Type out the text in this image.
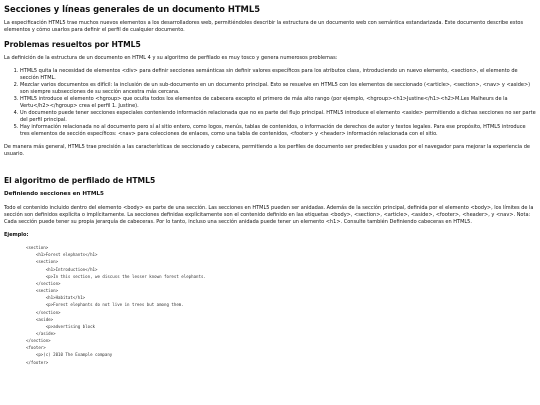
Secciones y líneas generales de un documento HTML5

La especificación HTML5 trae muchos nuevos elementos a los desarrolladores web, permitiéndoles describir la estructura de un documento web con semántica estandarizada. Este documento describe estos elementos y cómo usarlos para definir el perfil de cualquier documento.

Problemas resueltos por HTML5

La definición de la estructura de un documento en HTML 4 y su algoritmo de perfilado es muy tosco y genera numerosos problemas:

1. HTML5 quita la necesidad de elementos <div> para definir secciones semánticas sin definir valores específicos para los atributos class, introduciendo un nuevo elemento, <section>, el elemento de sección HTML.
2. Mezclar varios documentos es difícil: la inclusión de un sub-documento en un documento principal. Esto se resuelve en HTML5 con los elementos de seccionado (<article>, <section>, <nav> y <aside>) son siempre subsecciones de su sección ancestra más cercana.
3. HTML5 introduce el elemento <hgroup> que oculta todos los elementos de cabecera excepto el primero de más alto rango (por ejemplo, <hgroup><h1>Justine</h1><h2>M.Les Malheurs de la Vertu</h2></hgroup> crea el perfil 1. Justine).
4. Un documento puede tener secciones especiales conteniendo información relacionada que no es parte del flujo principal. HTML5 introduce el elemento <aside> permitiendo a dichas secciones no ser parte del perfil principal.
5. Hay información relacionada no al documento pero sí al sitio entero, como logos, menús, tablas de contenidos, o información de derechos de autor y textos legales. Para ese propósito, HTML5 introduce tres elementos de sección específicos: <nav> para colecciones de enlaces, como una tabla de contenidos, <footer> y <header> información relacionada con el sitio.

De manera más general, HTML5 trae precisión a las características de seccionado y cabecera, permitiendo a los perfiles de documento ser predecibles y usados por el navegador para mejorar la experiencia de usuario.

El algoritmo de perfilado de HTML5
Definiendo secciones en HTML5

Todo el contenido incluido dentro del elemento <body> es parte de una sección. Las secciones en HTML5 pueden ser anidadas. Además de la sección principal, definida por el elemento <body>, los límites de la sección son definidos explícita o implícitamente. La secciones definidas explícitamente son el contenido definido en las etiquetas <body>, <section>, <article>, <aside>, <footer>, <header>, y <nav>. Nota: Cada sección puede tener su propia jerarquía de cabeceras. Por lo tanto, incluso una sección anidada puede tener un elemento <h1>. Consulte también Definiendo cabeceras en HTML5.

Ejemplo:

<section>
<h1>Forest elephants</h1>
<section>
<h1>Introduction</h1>
<p>In this section, we discuss the lesser known forest elephants.
</section>
<section>
<h1>Habitat</h1>
<p>Forest elephants do not live in trees but among them.
</section>
<aside>
<p>advertising block
</aside>
</section>
<footer>
<p>(c) 2010 The Example company
</footer>
